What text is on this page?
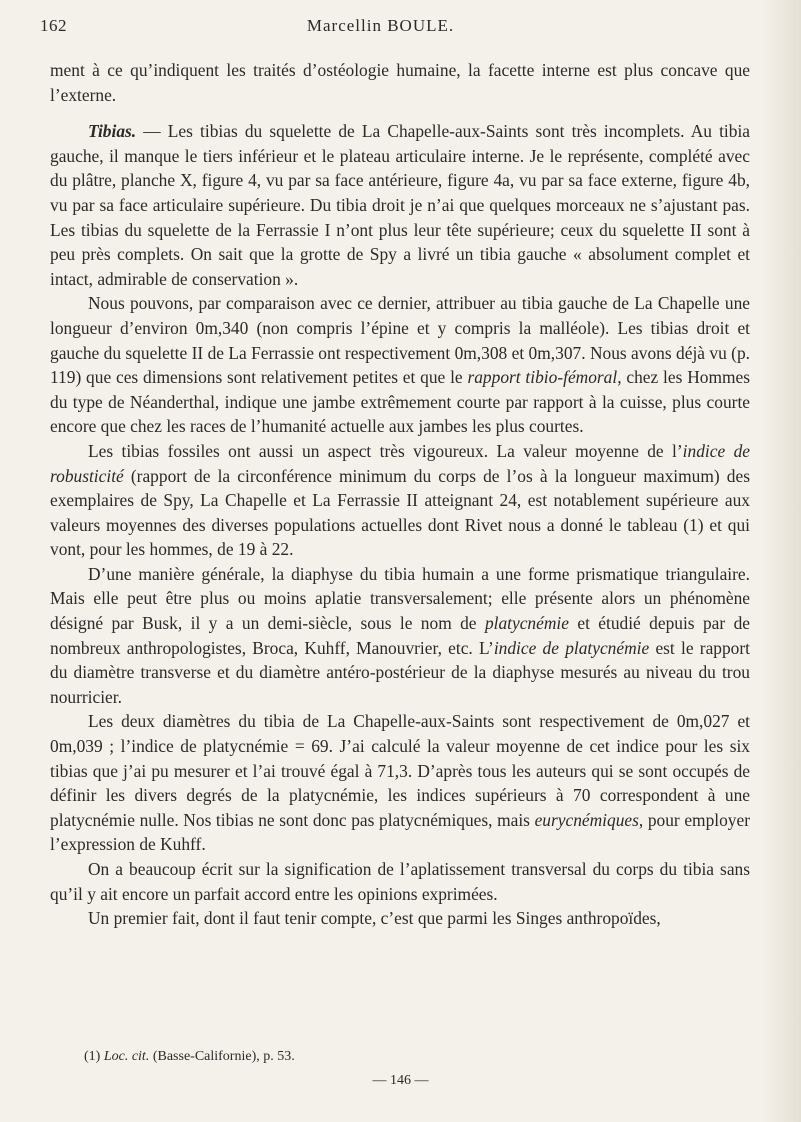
162	Marcellin BOULE.

ment à ce qu’indiquent les traités d’ostéologie humaine, la facette interne est plus concave que l’externe.

Tibias. — Les tibias du squelette de La Chapelle-aux-Saints sont très incomplets. Au tibia gauche, il manque le tiers inférieur et le plateau articulaire interne. Je le représente, complété avec du plâtre, planche X, figure 4, vu par sa face antérieure, figure 4a, vu par sa face externe, figure 4b, vu par sa face articulaire supérieure. Du tibia droit je n’ai que quelques morceaux ne s’ajustant pas. Les tibias du squelette de la Ferrassie I n’ont plus leur tête supérieure; ceux du squelette II sont à peu près complets. On sait que la grotte de Spy a livré un tibia gauche « absolument complet et intact, admirable de conservation ».

Nous pouvons, par comparaison avec ce dernier, attribuer au tibia gauche de La Chapelle une longueur d’environ 0m,340 (non compris l’épine et y compris la malléole). Les tibias droit et gauche du squelette II de La Ferrassie ont respectivement 0m,308 et 0m,307. Nous avons déjà vu (p. 119) que ces dimensions sont relativement petites et que le rapport tibio-fémoral, chez les Hommes du type de Néanderthal, indique une jambe extrêmement courte par rapport à la cuisse, plus courte encore que chez les races de l’humanité actuelle aux jambes les plus courtes.

Les tibias fossiles ont aussi un aspect très vigoureux. La valeur moyenne de l’indice de robusticité (rapport de la circonférence minimum du corps de l’os à la longueur maximum) des exemplaires de Spy, La Chapelle et La Ferrassie II atteignant 24, est notablement supérieure aux valeurs moyennes des diverses populations actuelles dont Rivet nous a donné le tableau (1) et qui vont, pour les hommes, de 19 à 22.

D’une manière générale, la diaphyse du tibia humain a une forme prismatique triangulaire. Mais elle peut être plus ou moins aplatie transversalement; elle présente alors un phénomène désigné par Busk, il y a un demi-siècle, sous le nom de platycnémie et étudié depuis par de nombreux anthropologistes, Broca, Kuhff, Manouvrier, etc. L’indice de platycnémie est le rapport du diamètre transverse et du diamètre antéro-postérieur de la diaphyse mesurés au niveau du trou nourricier.

Les deux diamètres du tibia de La Chapelle-aux-Saints sont respectivement de 0m,027 et 0m,039 ; l’indice de platycnémie = 69. J’ai calculé la valeur moyenne de cet indice pour les six tibias que j’ai pu mesurer et l’ai trouvé égal à 71,3. D’après tous les auteurs qui se sont occupés de définir les divers degrés de la platycnémie, les indices supérieurs à 70 correspondent à une platycnémie nulle. Nos tibias ne sont donc pas platycnémiques, mais eurycnémiques, pour employer l’expression de Kuhff.

On a beaucoup écrit sur la signification de l’aplatissement transversal du corps du tibia sans qu’il y ait encore un parfait accord entre les opinions exprimées.

Un premier fait, dont il faut tenir compte, c’est que parmi les Singes anthropoïdes,

(1) Loc. cit. (Basse-Californie), p. 53.
— 146 —
